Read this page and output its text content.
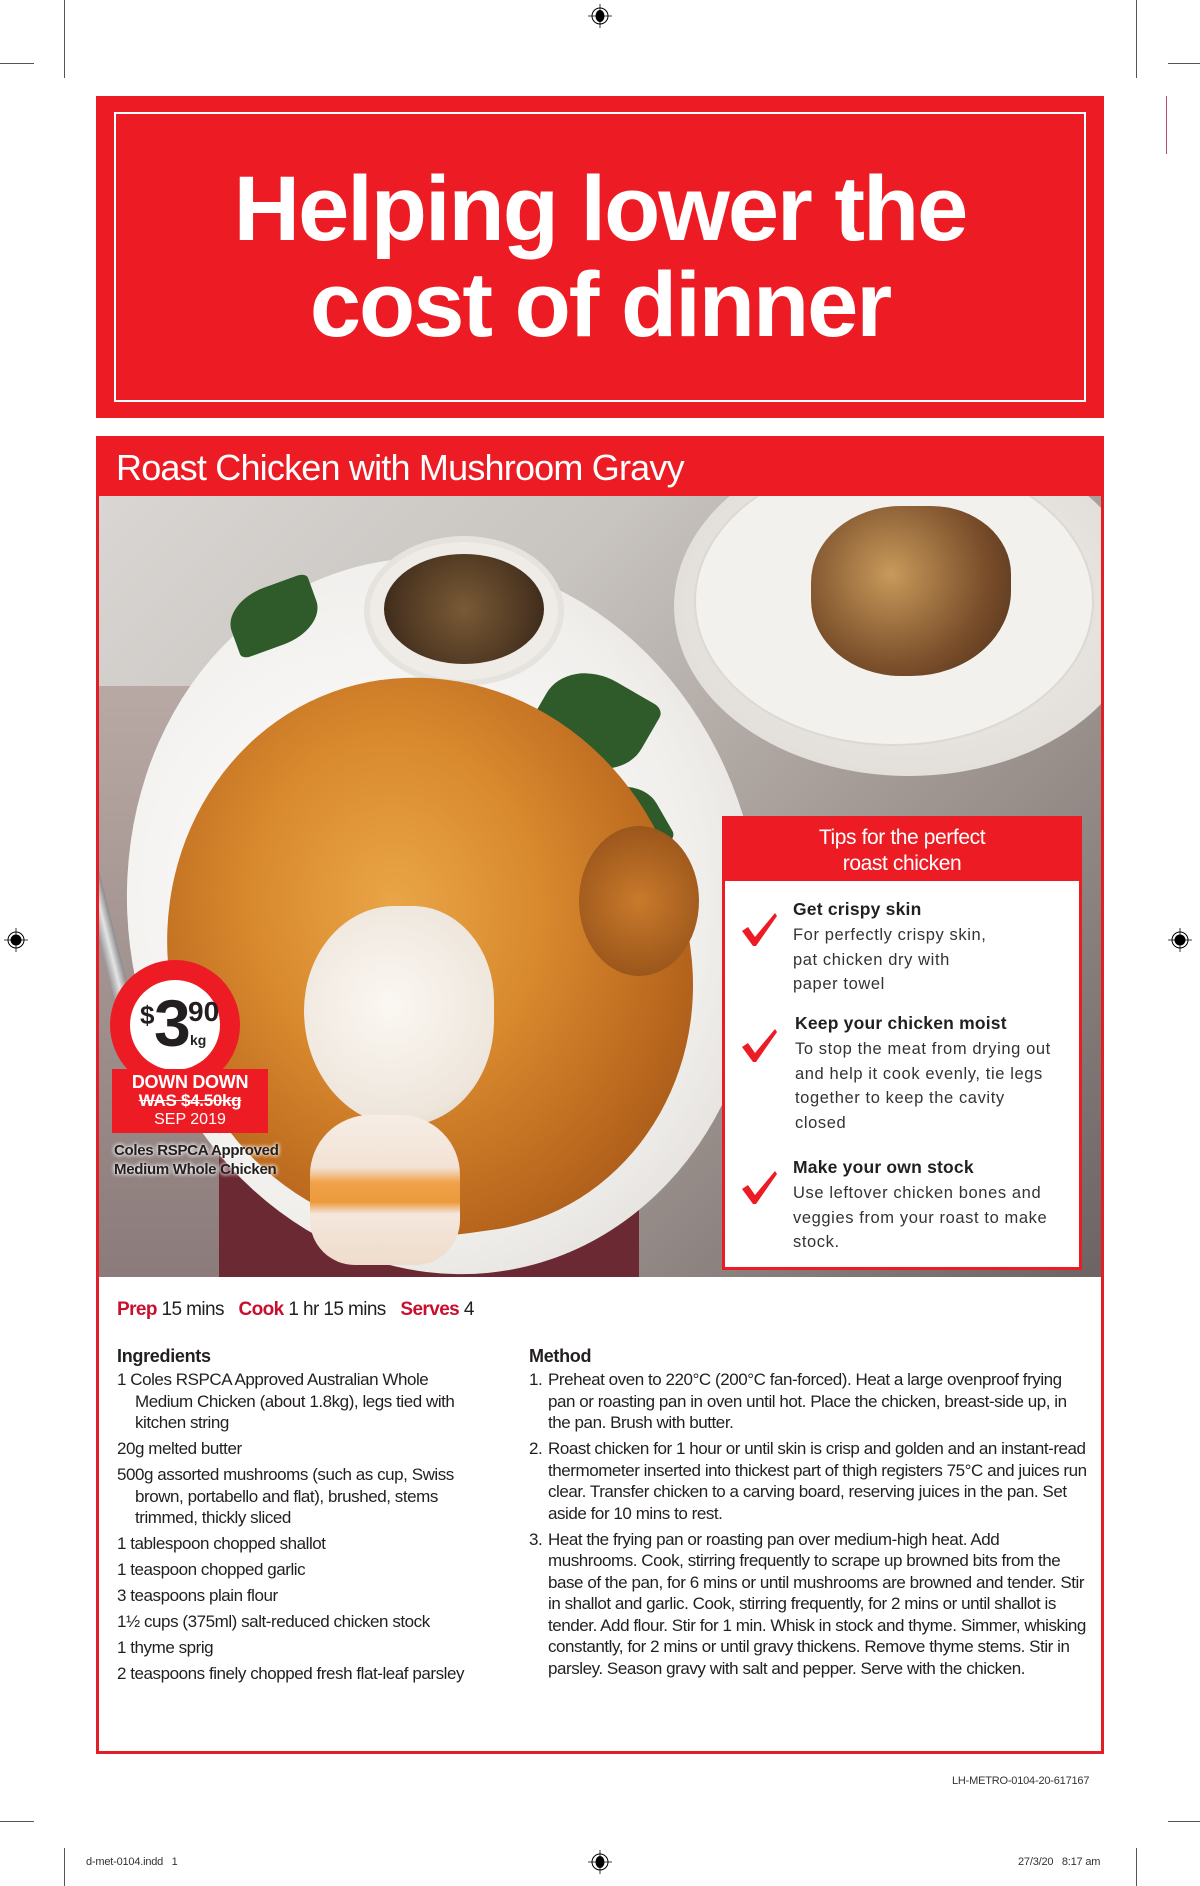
Helping lower the
cost of dinner
Roast Chicken with Mushroom Gravy
Prep 15 mins Cook 1 hr 15 mins Serves 4
Ingredients
1 Coles RSPCA Approved Australian Whole Medium Chicken (about 1.8kg), legs tied with kitchen string
20g melted butter
500g assorted mushrooms (such as cup, Swiss brown, portabello and flat), brushed, stems trimmed, thickly sliced
1 tablespoon chopped shallot
1 teaspoon chopped garlic
3 teaspoons plain flour
1½ cups (375ml) salt-reduced chicken stock
1 thyme sprig
2 teaspoons finely chopped fresh flat-leaf parsley
Method
1. Preheat oven to 220°C (200°C fan-forced). Heat a large ovenproof frying pan or roasting pan in oven until hot. Place the chicken, breast-side up, in the pan. Brush with butter.
2. Roast chicken for 1 hour or until skin is crisp and golden and an instant-read thermometer inserted into thickest part of thigh registers 75°C and juices run clear. Transfer chicken to a carving board, reserving juices in the pan. Set aside for 10 mins to rest.
3. Heat the frying pan or roasting pan over medium-high heat. Add mushrooms. Cook, stirring frequently to scrape up browned bits from the base of the pan, for 6 mins or until mushrooms are browned and tender. Stir in shallot and garlic. Cook, stirring frequently, for 2 mins or until shallot is tender. Add flour. Stir for 1 min. Whisk in stock and thyme. Simmer, whisking constantly, for 2 mins or until gravy thickens. Remove thyme stems. Stir in parsley. Season gravy with salt and pepper. Serve with the chicken.
Tips for the perfect
roast chicken
Get crispy skin
For perfectly crispy skin, pat chicken dry with paper towel
Keep your chicken moist
To stop the meat from drying out and help it cook evenly, tie legs together to keep the cavity closed
Make your own stock
Use leftover chicken bones and veggies from your roast to make stock.
$ 3 90
kg
DOWN DOWN
WAS $4.50kg
SEP 2019
Coles RSPCA Approved
Medium Whole Chicken
LH-METRO-0104-20-617167
d-met-0104.indd   1	27/3/20   8:17 am
